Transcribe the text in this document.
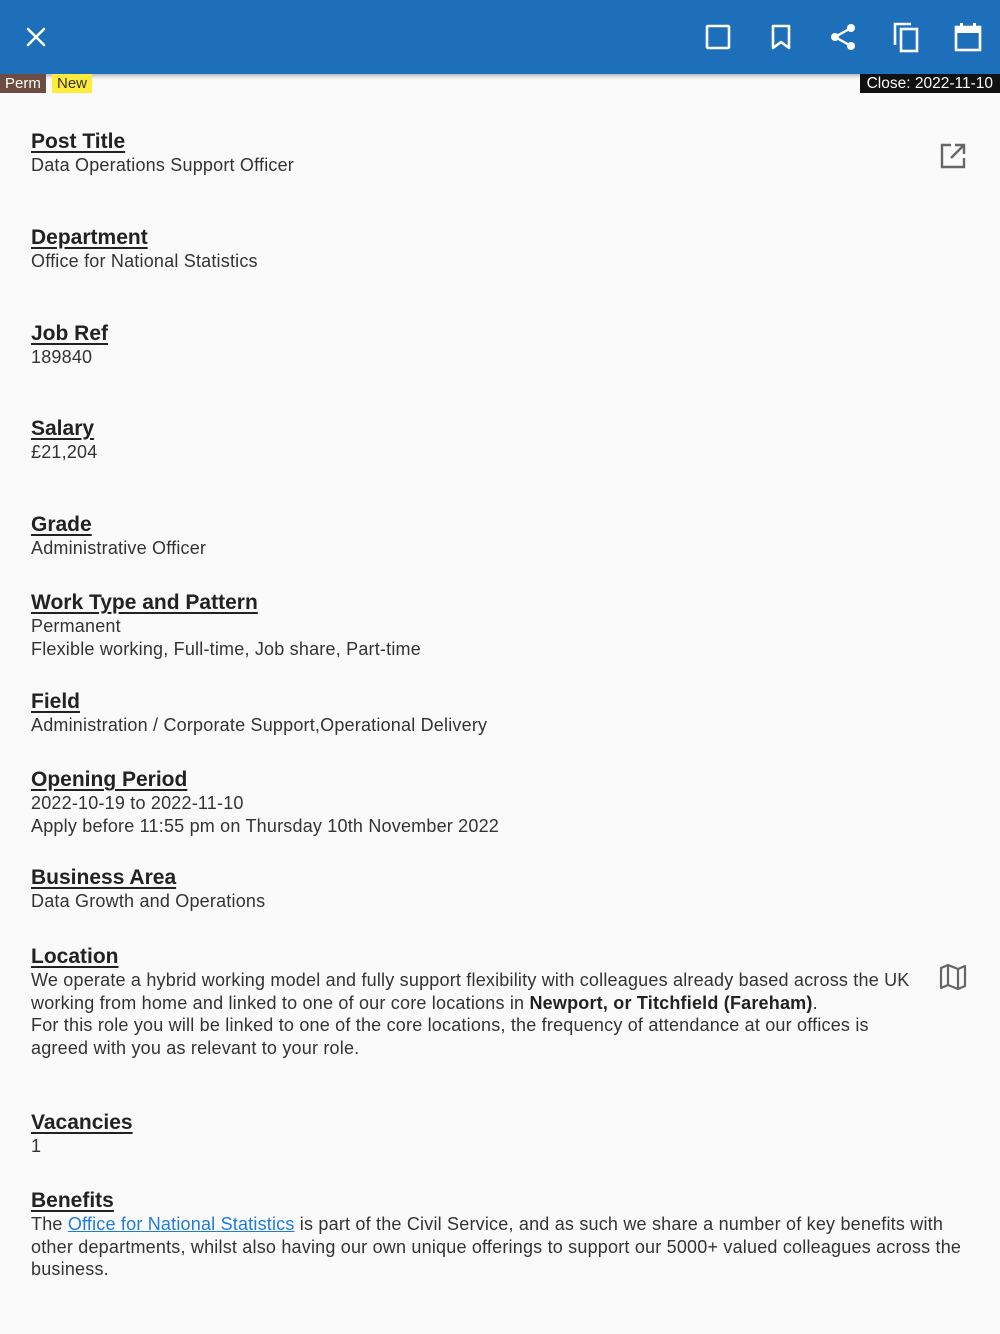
Perm	New	Close: 2022-11-10
Post Title
Data Operations Support Officer
Department
Office for National Statistics
Job Ref
189840
Salary
£21,204
Grade
Administrative Officer
Work Type and Pattern
Permanent
Flexible working, Full-time, Job share, Part-time
Field
Administration / Corporate Support,Operational Delivery
Opening Period
2022-10-19 to 2022-11-10
Apply before 11:55 pm on Thursday 10th November 2022
Business Area
Data Growth and Operations
Location
We operate a hybrid working model and fully support flexibility with colleagues already based across the UK working from home and linked to one of our core locations in Newport, or Titchfield (Fareham).
For this role you will be linked to one of the core locations, the frequency of attendance at our offices is agreed with you as relevant to your role.
Vacancies
1
Benefits
The Office for National Statistics is part of the Civil Service, and as such we share a number of key benefits with other departments, whilst also having our own unique offerings to support our 5000+ valued colleagues across the business.
